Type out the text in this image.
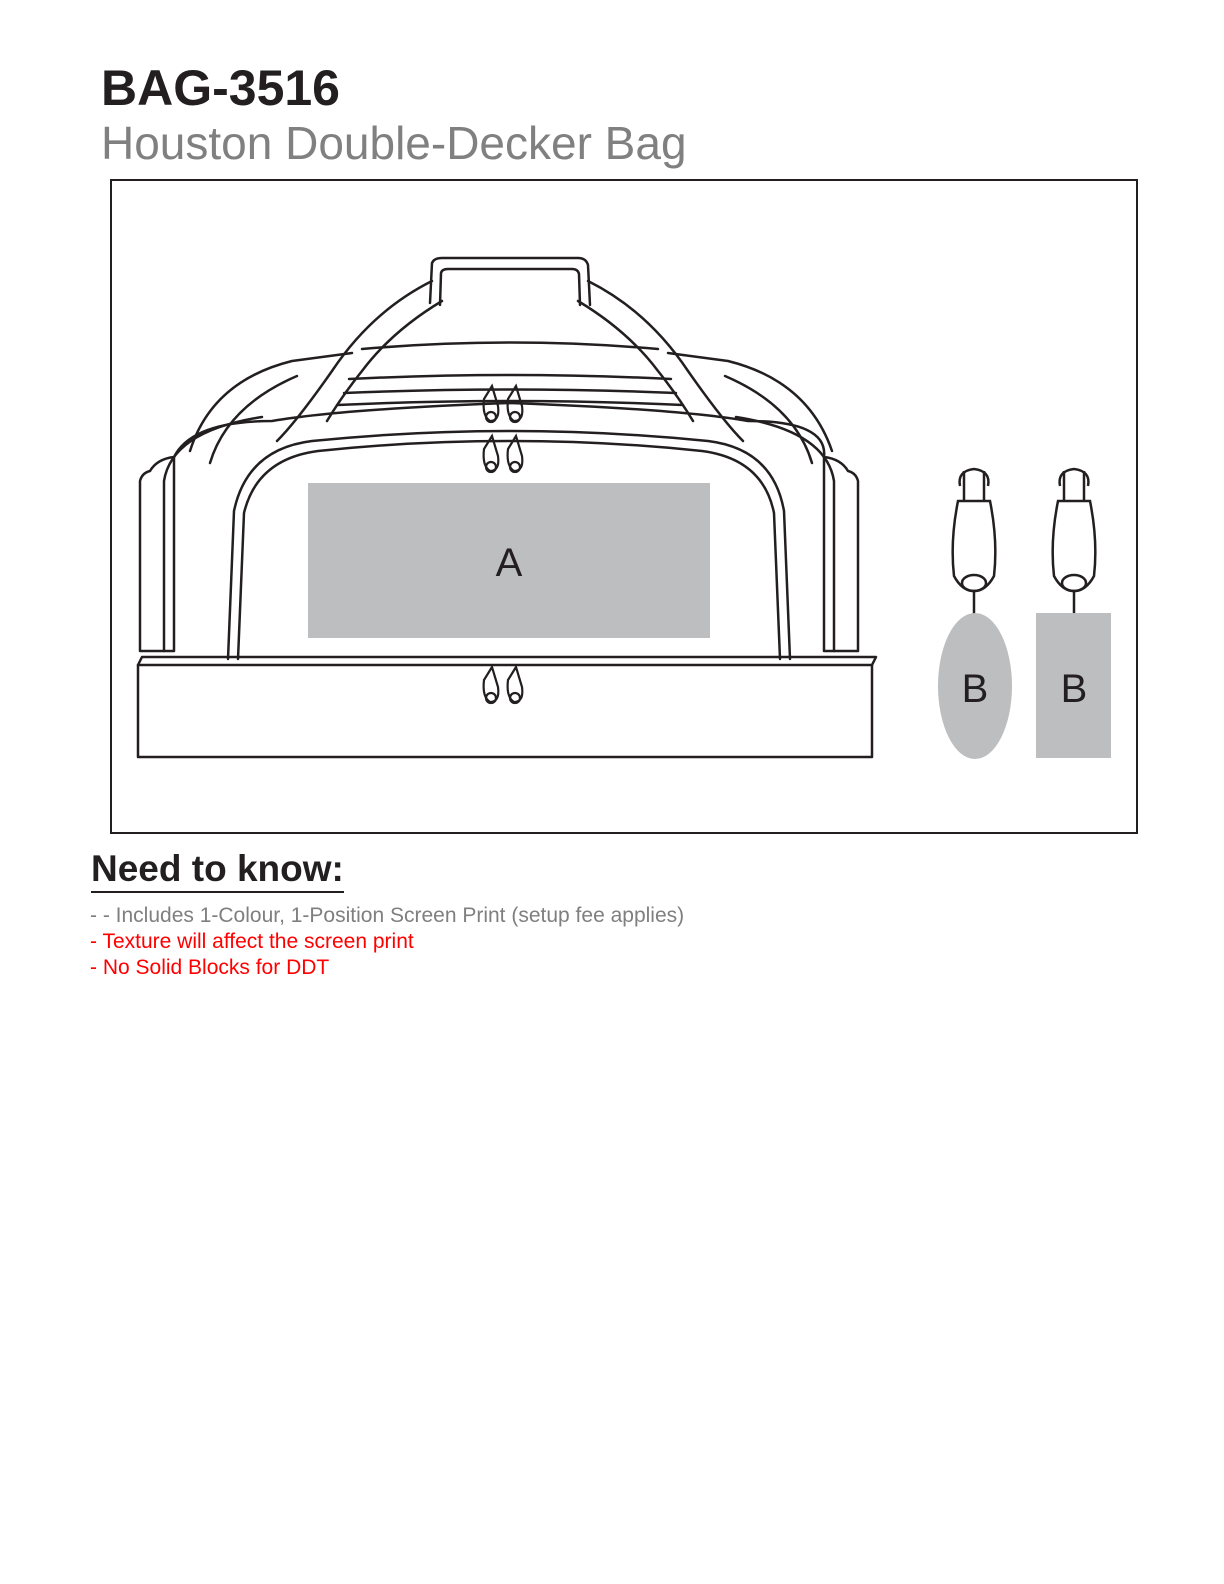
BAG-3516
Houston Double-Decker Bag
A
B B
Need to know:
- - Includes 1-Colour, 1-Position Screen Print (setup fee applies)
- Texture will affect the screen print
- No Solid Blocks for DDT
